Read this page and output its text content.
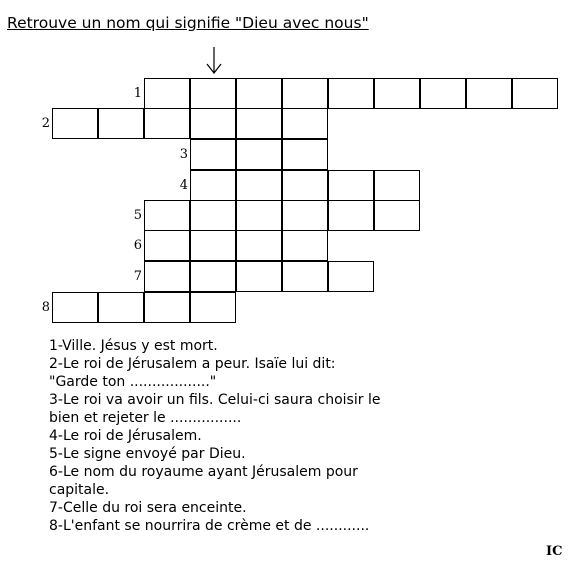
Retrouve un nom qui signifie "Dieu avec nous"
1
2
3
4
5
6
7
8
1-Ville. Jésus y est mort.
2-Le roi de Jérusalem a peur. Isaïe lui dit:
"Garde ton .................."
3-Le roi va avoir un fils. Celui-ci saura choisir le
bien et rejeter le ................
4-Le roi de Jérusalem.
5-Le signe envoyé par Dieu.
6-Le nom du royaume ayant Jérusalem pour
capitale.
7-Celle du roi sera enceinte.
8-L'enfant se nourrira de crème et de ............
IC
